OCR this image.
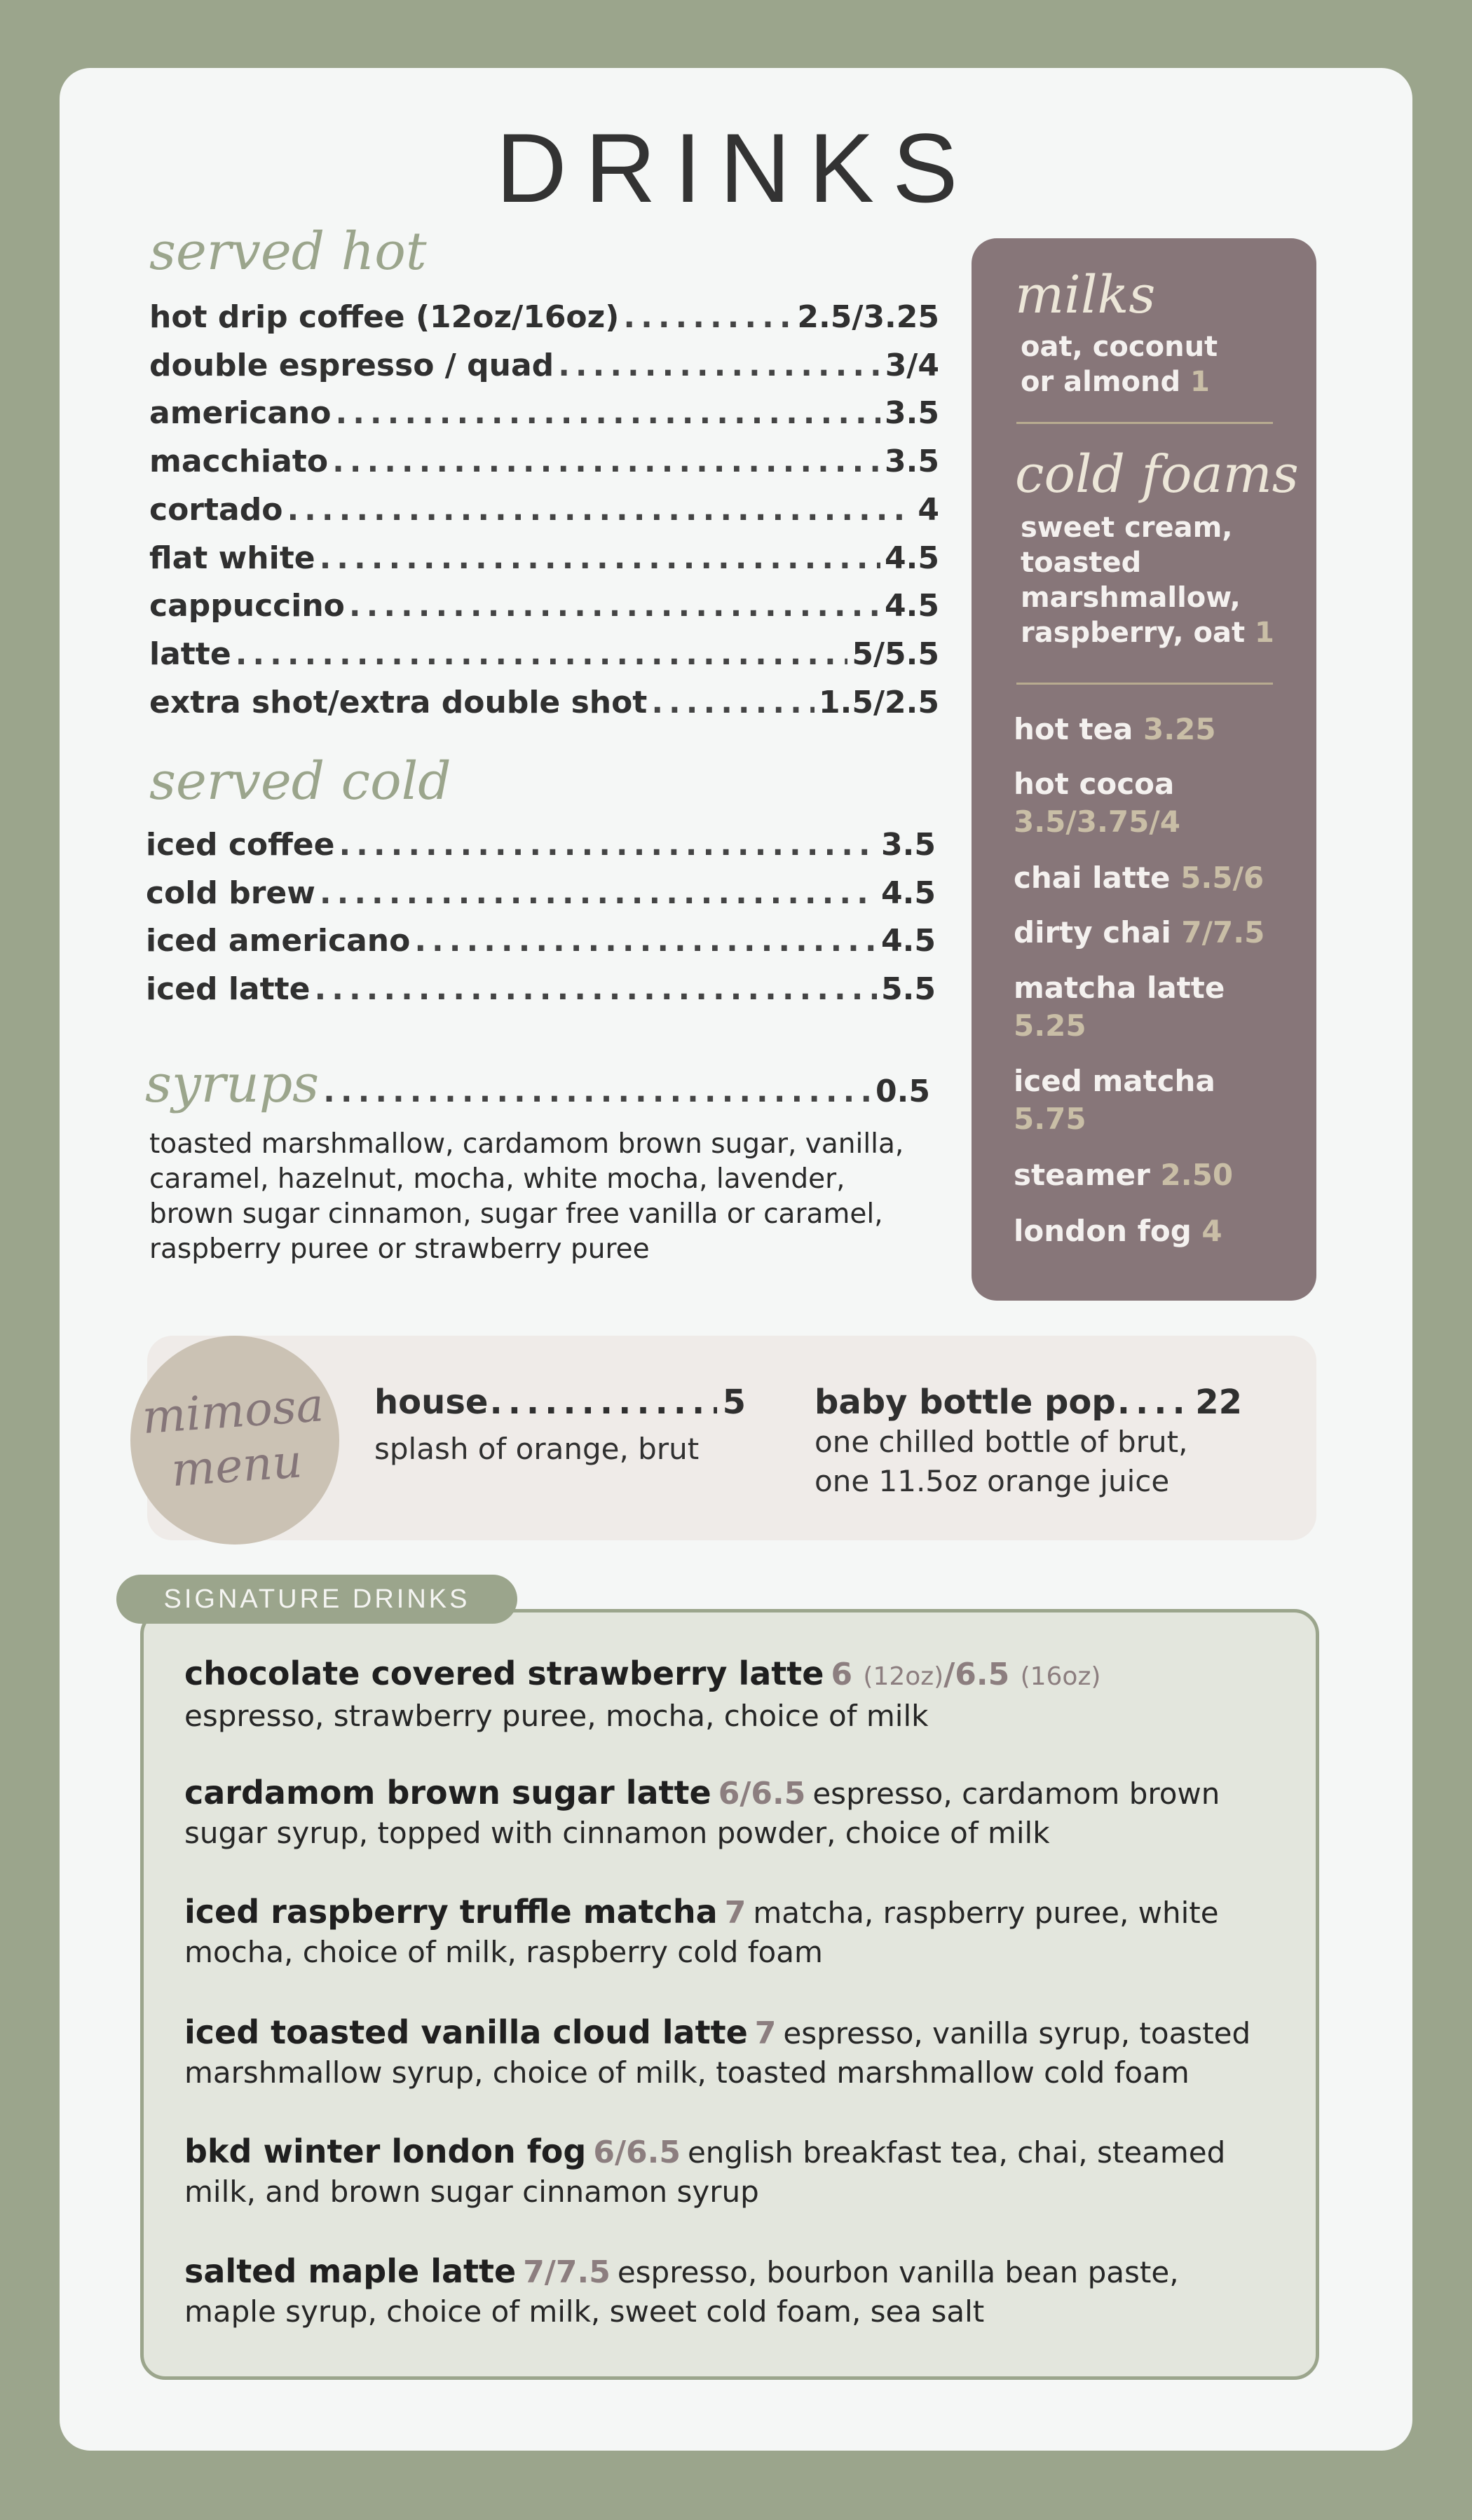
DRINKS
served hot
hot drip coffee (12oz/16oz) .....	2.5/3.25
double espresso / quad .....	3/4
americano .....	3.5
macchiato .....	3.5
cortado .....	4
flat white .....	4.5
cappuccino .....	4.5
latte .....	5/5.5
extra shot/extra double shot .....	1.5/2.5
served cold
iced coffee .....	3.5
cold brew .....	4.5
iced americano .....	4.5
iced latte .....	5.5
syrups .....	0.5
toasted marshmallow, cardamom brown sugar, vanilla,
caramel, hazelnut, mocha, white mocha, lavender,
brown sugar cinnamon, sugar free vanilla or caramel,
raspberry puree or strawberry puree
milks
oat, coconut
or almond 1
cold foams
sweet cream,
toasted
marshmallow,
raspberry, oat 1
hot tea 3.25
hot cocoa
3.5/3.75/4
chai latte 5.5/6
dirty chai 7/7.5
matcha latte
5.25
iced matcha
5.75
steamer 2.50
london fog 4
mimosa
menu
house .....	5
splash of orange, brut
baby bottle pop ..... 22
one chilled bottle of brut,
one 11.5oz orange juice
SIGNATURE DRINKS
chocolate covered strawberry latte 6 (12oz)/6.5 (16oz)
espresso, strawberry puree, mocha, choice of milk
cardamom brown sugar latte 6/6.5 espresso, cardamom brown sugar syrup, topped with cinnamon powder, choice of milk
iced raspberry truffle matcha 7 matcha, raspberry puree, white mocha, choice of milk, raspberry cold foam
iced toasted vanilla cloud latte 7 espresso, vanilla syrup, toasted marshmallow syrup, choice of milk, toasted marshmallow cold foam
bkd winter london fog 6/6.5 english breakfast tea, chai, steamed milk, and brown sugar cinnamon syrup
salted maple latte 7/7.5 espresso, bourbon vanilla bean paste, maple syrup, choice of milk, sweet cold foam, sea salt
